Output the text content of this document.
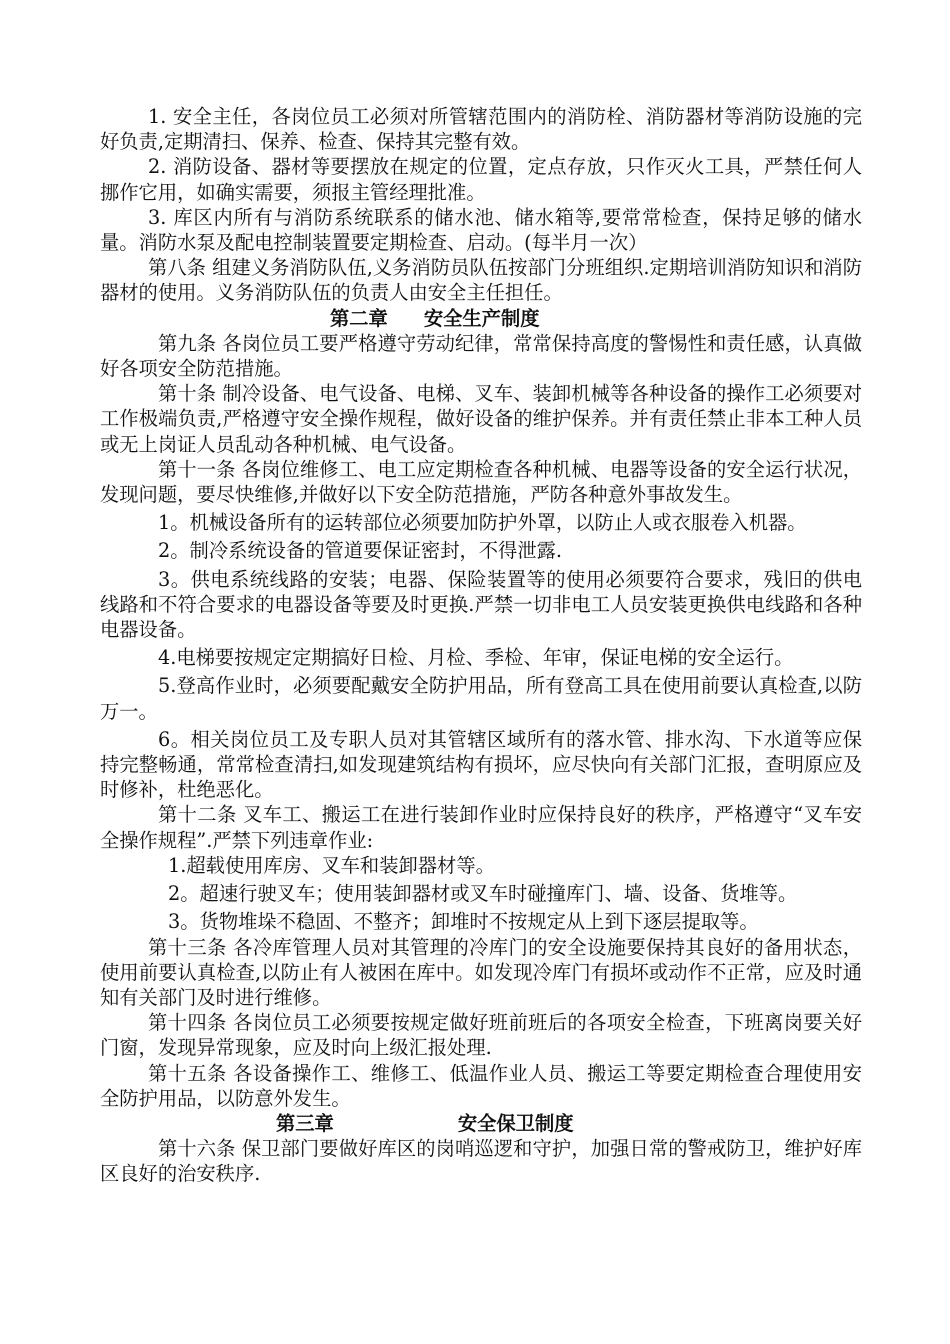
1. 安全主任，各岗位员工必须对所管辖范围内的消防栓、消防器材等消防设施的完好负责,定期清扫、保养、检查、保持其完整有效。

2. 消防设备、器材等要摆放在规定的位置，定点存放，只作灭火工具，严禁任何人挪作它用，如确实需要，须报主管经理批准。

3. 库区内所有与消防系统联系的储水池、储水箱等,要常常检查，保持足够的储水量。消防水泵及配电控制装置要定期检查、启动。(每半月一次）

第八条 组建义务消防队伍,义务消防员队伍按部门分班组织.定期培训消防知识和消防器材的使用。义务消防队伍的负责人由安全主任担任。

第二章 安全生产制度

第九条 各岗位员工要严格遵守劳动纪律，常常保持高度的警惕性和责任感，认真做好各项安全防范措施。

第十条 制冷设备、电气设备、电梯、叉车、装卸机械等各种设备的操作工必须要对工作极端负责,严格遵守安全操作规程，做好设备的维护保养。并有责任禁止非本工种人员或无上岗证人员乱动各种机械、电气设备。

第十一条 各岗位维修工、电工应定期检查各种机械、电器等设备的安全运行状况，发现问题，要尽快维修,并做好以下安全防范措施，严防各种意外事故发生。

1。机械设备所有的运转部位必须要加防护外罩，以防止人或衣服卷入机器。

2。制冷系统设备的管道要保证密封，不得泄露.

3。供电系统线路的安装；电器、保险装置等的使用必须要符合要求，残旧的供电线路和不符合要求的电器设备等要及时更换.严禁一切非电工人员安装更换供电线路和各种电器设备。

4.电梯要按规定定期搞好日检、月检、季检、年审，保证电梯的安全运行。

5.登高作业时，必须要配戴安全防护用品，所有登高工具在使用前要认真检查,以防万一。

6。相关岗位员工及专职人员对其管辖区域所有的落水管、排水沟、下水道等应保持完整畅通，常常检查清扫,如发现建筑结构有损坏，应尽快向有关部门汇报，查明原应及时修补，杜绝恶化。

第十二条 叉车工、搬运工在进行装卸作业时应保持良好的秩序，严格遵守“叉车安全操作规程”.严禁下列违章作业:

1.超载使用库房、叉车和装卸器材等。

2。超速行驶叉车；使用装卸器材或叉车时碰撞库门、墙、设备、货堆等。

3。货物堆垛不稳固、不整齐；卸堆时不按规定从上到下逐层提取等。

第十三条 各冷库管理人员对其管理的冷库门的安全设施要保持其良好的备用状态，使用前要认真检查,以防止有人被困在库中。如发现冷库门有损坏或动作不正常，应及时通知有关部门及时进行维修。

第十四条 各岗位员工必须要按规定做好班前班后的各项安全检查，下班离岗要关好门窗，发现异常现象，应及时向上级汇报处理.

第十五条 各设备操作工、维修工、低温作业人员、搬运工等要定期检查合理使用安全防护用品，以防意外发生。

第三章	安全保卫制度

第十六条 保卫部门要做好库区的岗哨巡逻和守护，加强日常的警戒防卫，维护好库区良好的治安秩序.
